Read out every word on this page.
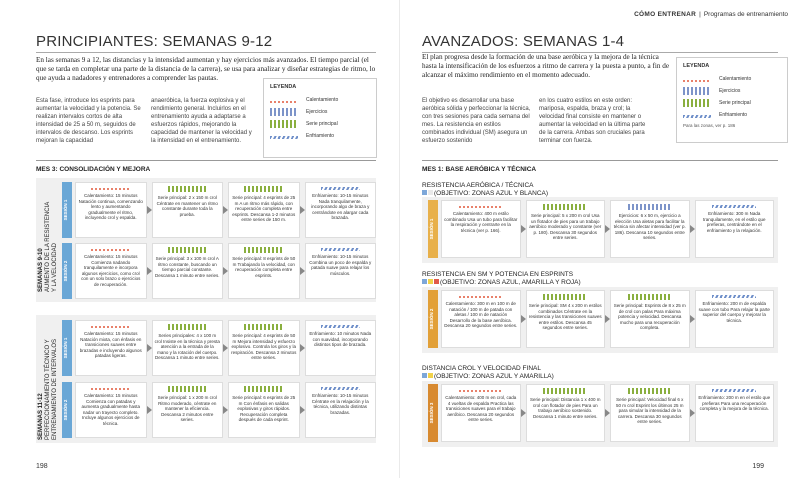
PRINCIPIANTES: SEMANAS 9-12
En las semanas 9 a 12, las distancias y la intensidad aumentan y hay ejercicios más avanzados. El tiempo parcial (el que se tarda en completar una parte de la distancia de la carrera), se usa para analizar y diseñar estrategias de ritmo, lo que ayuda a nadadores y entrenadores a comprender las pautas.
Esta fase, introduce los esprints para aumentar la velocidad y la potencia. Se realizan intervalos cortos de alta intensidad de 25 a 50 m, seguidos de intervalos de descanso. Los esprints mejoran la capacidad
anaeróbica, la fuerza explosiva y el rendimiento general. Incluirlos en el entrenamiento ayuda a adaptarse a esfuerzos rápidos, mejorando la capacidad de mantener la velocidad y la intensidad en el entrenamiento.
LEYENDA
Calentamiento
Ejercicios
Serie principal
Enfriamiento
MES 3: CONSOLIDACIÓN Y MEJORA
SEMANAS 9-10 AUMENTO DE LA RESISTENCIA Y LA VELOCIDAD
SEMANAS 11-12 PERFECCIONAMIENTO TÉCNICO Y ENTRENAMIENTO DE INTERVALOS
SESIÓN 1
Calentamiento: 15 minutos Natación continua, comenzando lento y aumentando gradualmente el ritmo, incluyendo crol y espalda.
Serie principal: 2 x 150 m crol Céntrate en mantener un ritmo constante durante toda la prueba.
Serie principal: 4 esprints de 25 m A un ritmo más rápido, con recuperación completa entre esprints. Descansa 1-2 minutos entre series de 150 m.
Enfriamiento: 10-15 minutos Nada tranquilamente, incorporando algo de braza y centrándote en alargar cada brazada.
SESIÓN 2
Calentamiento: 15 minutos Comienza nadando tranquilamente e incorpora algunos ejercicios, como crol con un solo brazo o ejercicios de recuperación.
Serie principal: 3 x 100 m crol A ritmo constante, buscando un tiempo parcial constante. Descansa 1 minuto entre series.
Serie principal: 8 esprints de 50 m Trabajando la velocidad, con recuperación completa entre esprints.
Enfriamiento: 10-15 minutos Combina un poco de espalda y patada suave para relajar los músculos.
SESIÓN 1
Calentamiento: 15 minutos Natación mixta, con énfasis en transiciones suaves entre brazadas e incluyendo algunos patadas ligeras.
Series principales: 4 x 100 m crol Insiste en la técnica y presta atención a la entrada de la mano y la rotación del cuerpo. Descansa 1 minuto entre series.
Serie principal: 4 esprints de 50 m Mejora intensidad y esfuerzo explosivo. Controla los giros y la respiración. Descansa 2 minutos entre series.
Enfriamiento: 10 minutos Nada con suavidad, incorporando distintos tipos de brazada.
SESIÓN 2
Calentamiento: 15 minutos Comienza con patadas y aumenta gradualmente hasta nadar un trayecto completo. Incluye algunos ejercicios de técnica.
Serie principal: 1 x 200 m crol Ritmo moderado, céntrate en mantener la eficiencia. Descansa 2 minutos entre series.
Serie principal: 6 esprints de 25 m Con énfasis en salidas explosivas y giros rápidos. Recuperación completa después de cada esprint.
Enfriamiento: 10-15 minutos Céntrate en la relajación y la técnica, utilizando distintas brazadas.
198
CÓMO ENTRENAR | Programas de entrenamiento
AVANZADOS: SEMANAS 1-4
El plan progresa desde la formación de una base aeróbica y la mejora de la técnica hasta la intensificación de los esfuerzos a ritmo de carrera y la puesta a punto, a fin de alcanzar el máximo rendimiento en el momento adecuado.
El objetivo es desarrollar una base aeróbica sólida y perfeccionar la técnica, con tres sesiones para cada semana del mes. La resistencia en estilos combinados individual (SM) asegura un esfuerzo sostenido
en los cuatro estilos en este orden: mariposa, espalda, braza y crol; la velocidad final consiste en mantener o aumentar la velocidad en la última parte de la carrera. Ambas son cruciales para terminar con fuerza.
LEYENDA
Calentamiento
Ejercicios
Serie principal
Enfriamiento
Para las zonas, ver p. 186
MES 1: BASE AERÓBICA Y TÉCNICA
RESISTENCIA AERÓBICA / TÉCNICA
(OBJETIVO: ZONAS AZUL Y BLANCA)
SESIÓN 1
Calentamiento: 400 m estilo combinado Usa un tubo para facilitar la respiración y centrarte en la técnica (ver p. 166).
Serie principal: 5 x 200 m crol Usa un flotador de pies para un trabajo aeróbico moderado y constante (ver p. 180). Descansa 30 segundos entre series.
Ejercicios: 6 x 50 m, ejercicio a elección Usa aletas para facilitar la técnica sin afectar intensidad (ver p. 186). Descansa 10 segundos entre series.
Enfriamiento: 300 m Nada tranquilamente, en el estilo que prefieras, centrándote en el enfriamiento y la relajación.
RESISTENCIA EN SM Y POTENCIA EN ESPRINTS
(OBJETIVO: ZONAS AZUL, AMARILLA Y ROJA)
SESIÓN 2
Calentamiento: 300 m en 100 m de natación / 100 m de patada con aletas / 100 m de natación Desarrollo de la base aeróbica. Descansa 20 segundos entre series.
Serie principal: SM 4 x 200 m estilos combinados Céntrate en la resistencia y las transiciones suaves entre estilos. Descansa 45 segundos entre series.
Serie principal: Esprints de 8 x 25 m de crol con palas Para máxima potencia y velocidad. Descansa mucho para una recuperación completa.
Enfriamiento: 200 m de espalda suave con tubo Para relajar la parte superior del cuerpo y mejorar la técnica.
DISTANCIA CROL Y VELOCIDAD FINAL
(OBJETIVO: ZONAS AZUL Y AMARILLA)
SESIÓN 3
Calentamiento: 400 m en crol, cada 4 vueltas de espalda Practica las transiciones suaves para el trabajo aeróbico. Descansa 20 segundos entre series.
Serie principal: Distancia 1 x 400 m crol con flotador de pies Para un trabajo aeróbico sostenido. Descansa 1 minuto entre series.
Serie principal: Velocidad final 6 x 50 m crol Esprint los últimos 25 m para simular la intensidad de la carrera. Descansa 30 segundos entre series.
Enfriamiento: 200 m en el estilo que prefieras Para una recuperación completa y la mejora de la técnica.
199
